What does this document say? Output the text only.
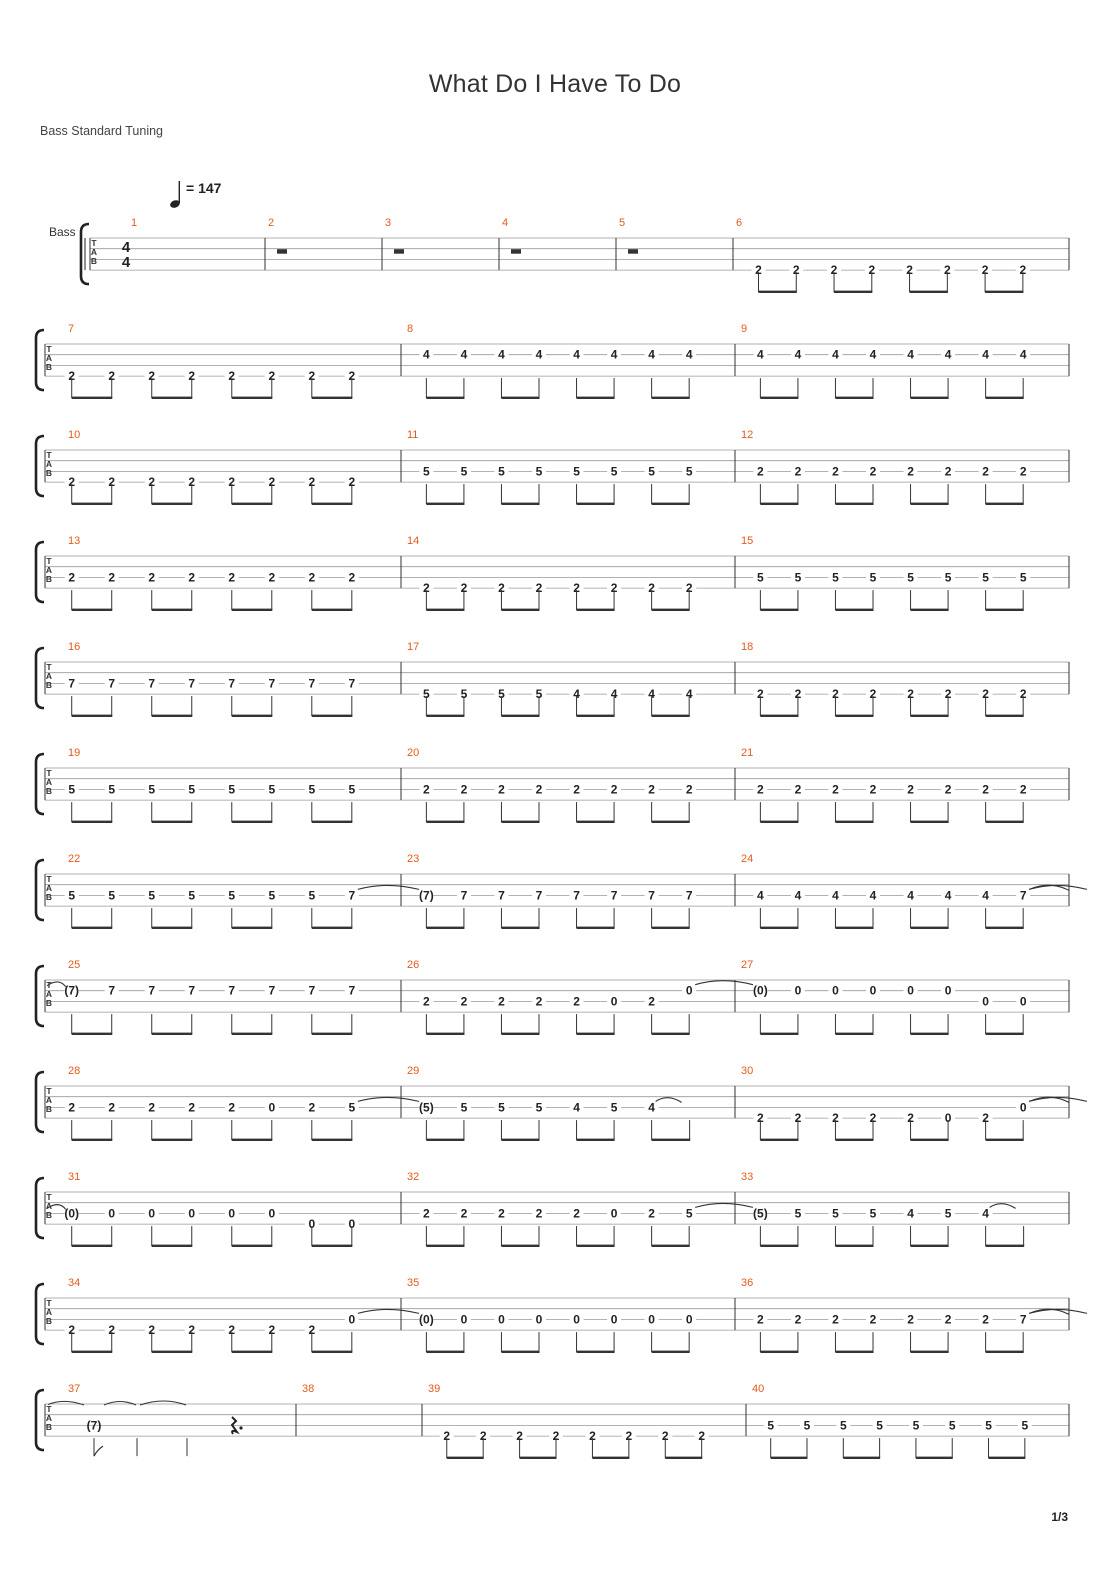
What Do I Have To Do
Bass Standard Tuning
= 147
T
A
B
Bass
4
4
1	2	3	4	5	6
2	2	2	2	2	2	2	2
T
A
B
7
2	2	2	2	2	2	2	2
8
4	4	4	4	4	4	4	4
9
4	4	4	4	4	4	4	4
T
A
B
10
2	2	2	2	2	2	2	2
11
5	5	5	5	5	5	5	5
12
2	2	2	2	2	2	2	2
T
A
B
13
2	2	2	2	2	2	2	2
14
2	2	2	2	2	2	2	2
15
5	5	5	5	5	5	5	5
T
A
B
16
7	7	7	7	7	7	7	7
17
5	5	5	5	4	4	4	4
18
2	2	2	2	2	2	2	2
T
A
B
19
5	5	5	5	5	5	5	5
20
2	2	2	2	2	2	2	2
21
2	2	2	2	2	2	2	2
T
A
B
22
5	5	5	5	5	5	5	7
23
(7) 7	7	7	7	7	7	7
24
4	4	4	4	4	4	4	7
T
A
B
25
(7) 7	7	7	7	7	7	7
26
2	2	2	2	2	0	2
0
27
(0) 0	0	0	0	0
0	0
T
A
B
28
2	2	2	2	2	0	2	5
29
(5) 5	5	5	4	5	4
30
2	2	2	2	2	0	2
0
T
A
B
31
(0) 0	0	0	0	0
0	0
32
2	2	2	2	2	0	2	5
33
(5) 5	5	5	4	5	4
T
A
B
34
2	2	2	2	2	2	2
0
35
(0) 0	0	0	0	0	0	0
36
2	2	2	2	2	2	2	7
T
A
B
37
(7)
38	39
2 2 2 2 2 2 2 2
40
5 5 5 5 5 5 5 5
1/3
